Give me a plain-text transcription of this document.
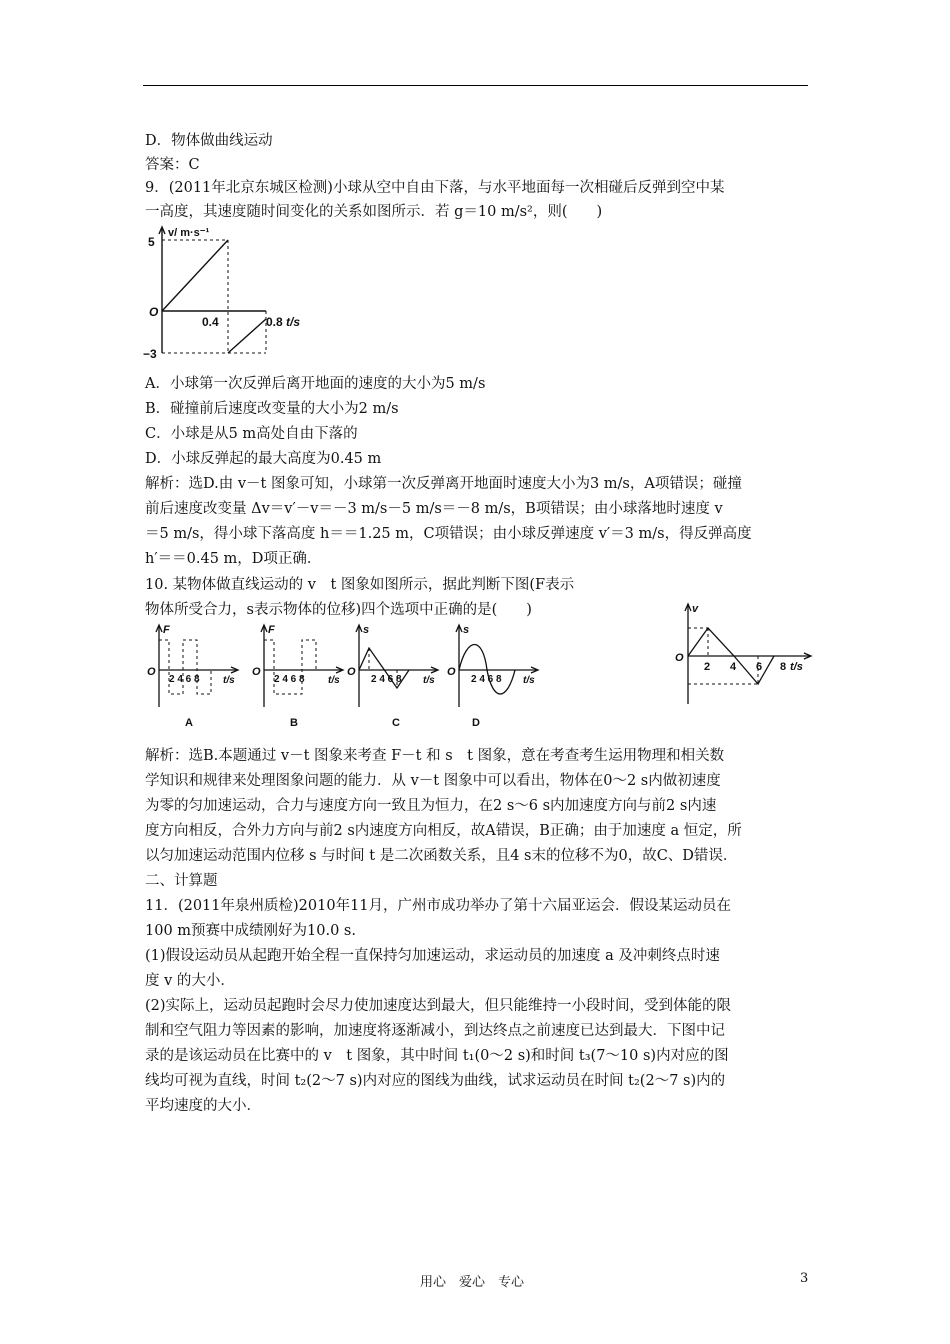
D．物体做曲线运动
答案：C
9．(2011年北京东城区检测)小球从空中自由下落，与水平地面每一次相碰后反弹到空中某
一高度，其速度随时间变化的关系如图所示．若 g＝10 m/s²，则(　　)
v/ m·s⁻¹
5
O
0.4	0.8 t/s
−3
A．小球第一次反弹后离开地面的速度的大小为5 m/s
B．碰撞前后速度改变量的大小为2 m/s
C．小球是从5 m高处自由下落的
D．小球反弹起的最大高度为0.45 m
解析：选D.由 v－t 图象可知，小球第一次反弹离开地面时速度大小为3 m/s，A项错误；碰撞
前后速度改变量 Δv＝v′－v＝－3 m/s－5 m/s＝－8 m/s，B项错误；由小球落地时速度 v
＝5 m/s，得小球下落高度 h＝＝1.25 m，C项错误；由小球反弹速度 v′＝3 m/s，得反弹高度
h′＝＝0.45 m，D项正确．
10. 某物体做直线运动的 v　t 图象如图所示，据此判断下图(F表示
物体所受合力，s表示物体的位移)四个选项中正确的是(　　)
F
O
2 4 6 8 t/s
A
F
O
2 4 6 8 t/s
B
s
O
2 4 6 8 t/s
C
s
O
2 4 6 8 t/s
D
v
O
2 4 6 8 t/s
解析：选B.本题通过 v－t 图象来考查 F－t 和 s　t 图象，意在考查考生运用物理和相关数
学知识和规律来处理图象问题的能力．从 v－t 图象中可以看出，物体在0～2 s内做初速度
为零的匀加速运动，合力与速度方向一致且为恒力，在2 s～6 s内加速度方向与前2 s内速
度方向相反，合外力方向与前2 s内速度方向相反，故A错误，B正确；由于加速度 a 恒定，所
以匀加速运动范围内位移 s 与时间 t 是二次函数关系，且4 s末的位移不为0，故C、D错误．
二、计算题
11．(2011年泉州质检)2010年11月，广州市成功举办了第十六届亚运会．假设某运动员在
100 m预赛中成绩刚好为10.0 s.
(1)假设运动员从起跑开始全程一直保持匀加速运动，求运动员的加速度 a 及冲刺终点时速
度 v 的大小．
(2)实际上，运动员起跑时会尽力使加速度达到最大，但只能维持一小段时间，受到体能的限
制和空气阻力等因素的影响，加速度将逐渐减小，到达终点之前速度已达到最大．下图中记
录的是该运动员在比赛中的 v　t 图象，其中时间 t₁(0～2 s)和时间 t₃(7～10 s)内对应的图
线均可视为直线，时间 t₂(2～7 s)内对应的图线为曲线，试求运动员在时间 t₂(2～7 s)内的
平均速度的大小．
用心　爱心　专心	3
